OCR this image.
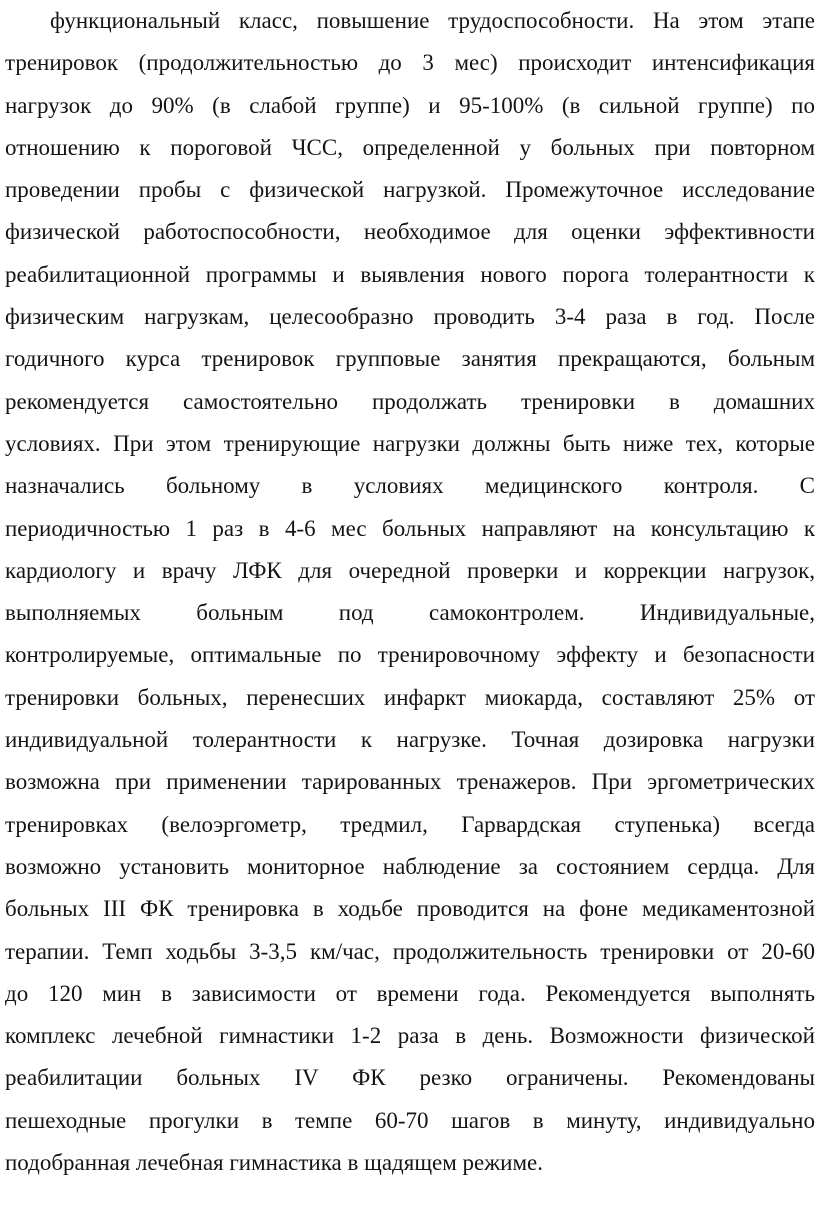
функциональный класс, повышение трудоспособности. На этом этапе
тренировок (продолжительностью до 3 мес) происходит интенсификация
нагрузок до 90% (в слабой группе) и 95-100% (в сильной группе) по
отношению к пороговой ЧСС, определенной у больных при повторном
проведении пробы с физической нагрузкой. Промежуточное исследование
физической работоспособности, необходимое для оценки эффективности
реабилитационной программы и выявления нового порога толерантности к
физическим нагрузкам, целесообразно проводить 3-4 раза в год. После
годичного курса тренировок групповые занятия прекращаются, больным
рекомендуется самостоятельно продолжать тренировки в домашних
условиях. При этом тренирующие нагрузки должны быть ниже тех, которые
назначались больному в условиях медицинского контроля. С
периодичностью 1 раз в 4-6 мес больных направляют на консультацию к
кардиологу и врачу ЛФК для очередной проверки и коррекции нагрузок,
выполняемых больным под самоконтролем. Индивидуальные,
контролируемые, оптимальные по тренировочному эффекту и безопасности
тренировки больных, перенесших инфаркт миокарда, составляют 25% от
индивидуальной толерантности к нагрузке. Точная дозировка нагрузки
возможна при применении тарированных тренажеров. При эргометрических
тренировках (велоэргометр, тредмил, Гарвардская ступенька) всегда
возможно установить мониторное наблюдение за состоянием сердца. Для
больных III ФК тренировка в ходьбе проводится на фоне медикаментозной
терапии. Темп ходьбы 3-3,5 км/час, продолжительность тренировки от 20-60
до 120 мин в зависимости от времени года. Рекомендуется выполнять
комплекс лечебной гимнастики 1-2 раза в день. Возможности физической
реабилитации больных IV ФК резко ограничены. Рекомендованы
пешеходные прогулки в темпе 60-70 шагов в минуту, индивидуально
подобранная лечебная гимнастика в щадящем режиме.
